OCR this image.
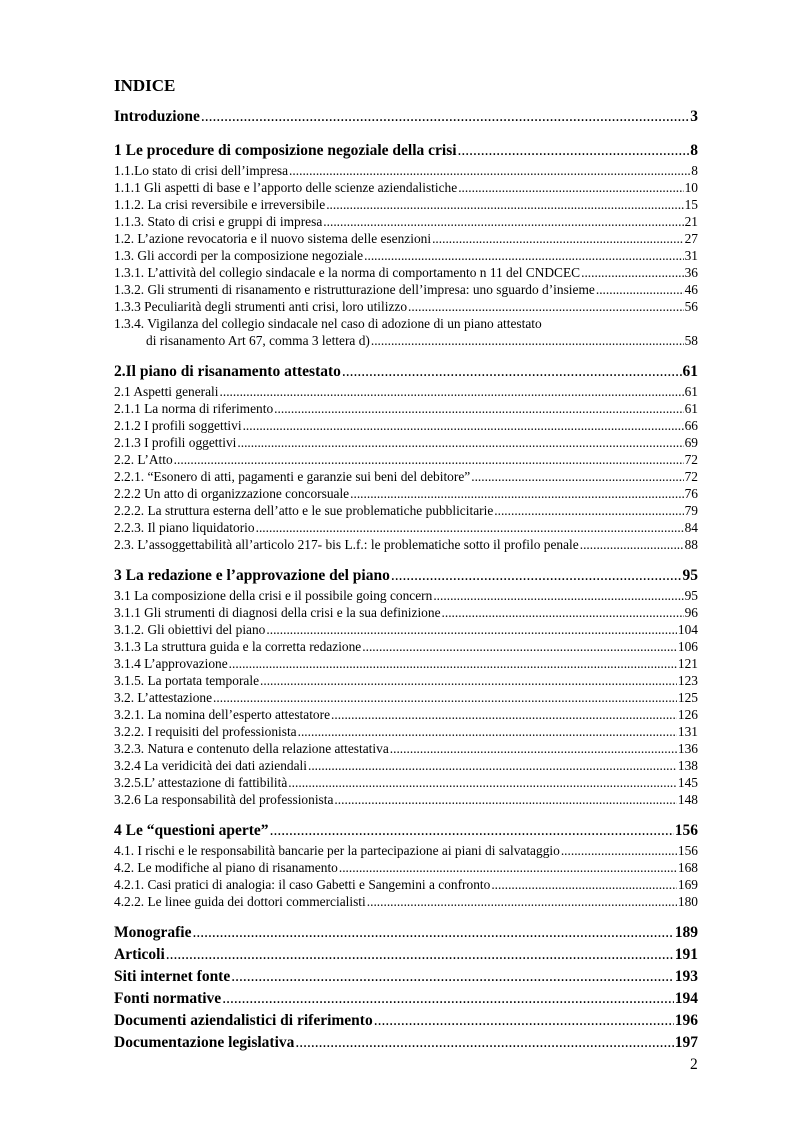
INDICE
Introduzione .....	3
1 Le procedure di composizione negoziale della crisi .....	8
1.1.Lo stato di crisi dell’impresa .....	8
1.1.1 Gli aspetti di base e l’apporto delle scienze aziendalistiche .....	10
1.1.2. La crisi reversibile e irreversibile .....	15
1.1.3. Stato di crisi e gruppi di impresa .....	21
1.2. L’azione revocatoria e il nuovo sistema delle esenzioni .....	27
1.3. Gli accordi per la composizione negoziale .....	31
1.3.1. L’attività del collegio sindacale e la norma di comportamento n 11 del CNDCEC .....	36
1.3.2. Gli strumenti di risanamento e ristrutturazione dell’impresa: uno sguardo d’insieme .....	46
1.3.3 Peculiarità degli strumenti anti crisi, loro utilizzo .....	56
1.3.4. Vigilanza del collegio sindacale nel caso di adozione di un piano attestato
di risanamento Art 67, comma 3 lettera d) .....	58
2.Il piano di risanamento attestato .....	61
2.1 Aspetti generali .....	61
2.1.1 La norma di riferimento .....	61
2.1.2 I profili soggettivi .....	66
2.1.3 I profili oggettivi .....	69
2.2. L’Atto .....	72
2.2.1. “Esonero di atti, pagamenti e garanzie sui beni del debitore” .....	72
2.2.2 Un atto di organizzazione concorsuale .....	76
2.2.2. La struttura esterna dell’atto e le sue problematiche pubblicitarie .....	79
2.2.3. Il piano liquidatorio .....	84
2.3. L’assoggettabilità all’articolo 217- bis L.f.: le problematiche sotto il profilo penale .....	88
3 La redazione e l’approvazione del piano .....	95
3.1 La composizione della crisi e il possibile going concern .....	95
3.1.1 Gli strumenti di diagnosi della crisi e la sua definizione .....	96
3.1.2. Gli obiettivi del piano .....	104
3.1.3 La struttura guida e la corretta redazione .....	106
3.1.4 L’approvazione .....	121
3.1.5. La portata temporale .....	123
3.2. L’attestazione .....	125
3.2.1. La nomina dell’esperto attestatore .....	126
3.2.2. I requisiti del professionista .....	131
3.2.3. Natura e contenuto della relazione attestativa .....	136
3.2.4 La veridicità dei dati aziendali .....	138
3.2.5.L’ attestazione di fattibilità .....	145
3.2.6 La responsabilità del professionista .....	148
4 Le “questioni aperte” .....	156
4.1. I rischi e le responsabilità bancarie per la partecipazione ai piani di salvataggio .....	156
4.2. Le modifiche al piano di risanamento .....	168
4.2.1. Casi pratici di analogia: il caso Gabetti e Sangemini a confronto .....	169
4.2.2. Le linee guida dei dottori commercialisti .....	180
Monografie .....	189
Articoli .....	191
Siti internet fonte .....	193
Fonti normative .....	194
Documenti aziendalistici di riferimento .....	196
Documentazione legislativa .....	197
2
